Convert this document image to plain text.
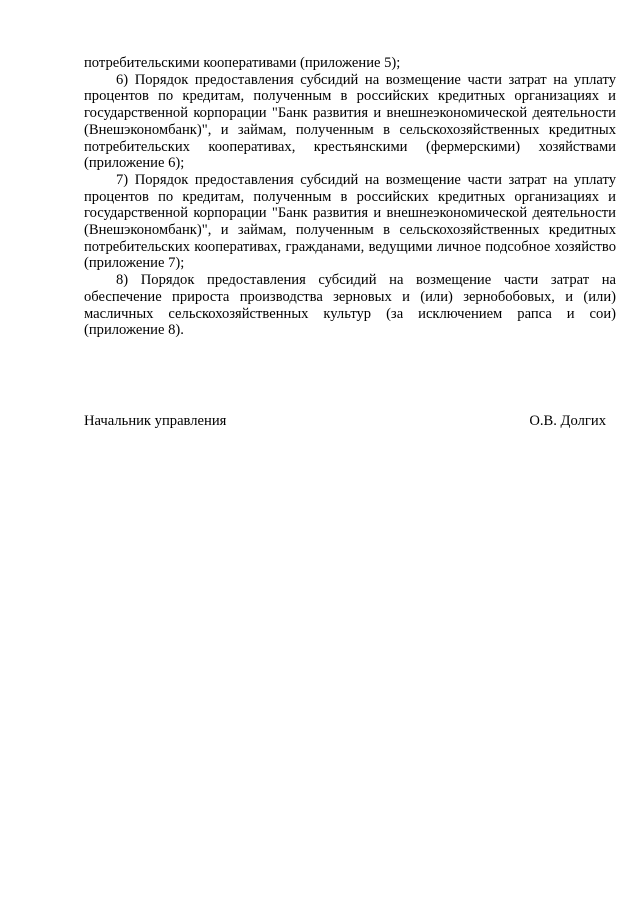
потребительскими кооперативами (приложение 5);

6) Порядок предоставления субсидий на возмещение части затрат на уплату процентов по кредитам, полученным в российских кредитных организациях и государственной корпорации "Банк развития и внешнеэкономической деятельности (Внешэкономбанк)", и займам, полученным в сельскохозяйственных кредитных потребительских кооперативах, крестьянскими (фермерскими) хозяйствами (приложение 6);

7) Порядок предоставления субсидий на возмещение части затрат на уплату процентов по кредитам, полученным в российских кредитных организациях и государственной корпорации "Банк развития и внешнеэкономической деятельности (Внешэкономбанк)", и займам, полученным в сельскохозяйственных кредитных потребительских кооперативах, гражданами, ведущими личное подсобное хозяйство (приложение 7);

8) Порядок предоставления субсидий на возмещение части затрат на обеспечение прироста производства зерновых и (или) зернобобовых, и (или) масличных сельскохозяйственных культур (за исключением рапса и сои) (приложение 8).

Начальник управления	О.В. Долгих
